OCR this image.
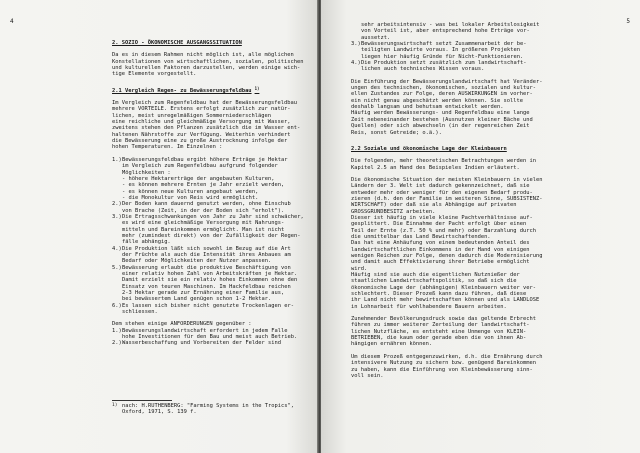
4

2. SOZIO - ÖKONOMISCHE AUSGANGSSITUATION

Da es in diesem Rahmen nicht möglich ist, alle möglichen
Konstellationen von wirtschaftlichen, sozialen, politischen
und kulturellen Faktoren darzustellen, werden einige wich-
tige Elemente vorgestellt.

2.1 Vergleich Regen- zu Bewässerungsfeldbau $^{1)}$

Im Vergleich zum Regenfeldbau hat der Bewässerungsfeldbau
mehrere VORTEILE. Erstens erfolgt zusätzlich zur natür-
lichen, meist unregelmäßigen Sommerniederschlägen
eine reichliche und gleichmäßige Versorgung mit Wasser,
zweitens stehen den Pflanzen zusätzlich die im Wasser ent-
haltenen Nährstoffe zur Verfügung. Weiterhin verhindert
die Bewässerung eine zu große Austrocknung infolge der
hohen Temperaturen. Im Einzelnen :
1.) Bewässerungsfeldbau ergibt höhere Erträge je Hektar
im Vergleich zum Regenfeldbau aufgrund folgender
Möglichkeiten :
- höhere Hektarerträge der angebauten Kulturen,
- es können mehrere Ernten je Jahr erzielt werden,
- es können neue Kulturen angebaut werden,
- die Monokultur von Reis wird ermöglicht.
2.) Der Boden kann dauernd genutzt werden, ohne Einschub
von Brache (Zeit, in der der Boden sich "erholt").
3.) Die Ertragsschwankungen von Jahr zu Jahr sind schwächer,
es wird eine gleichmäßige Versorgung mit Nahrungs-
mitteln und Bareinkommen ermöglicht. Man ist nicht
mehr (zumindest direkt) von der Zufälligkeit der Regen-
fälle abhängig.
4.) Die Produktion läßt sich sowohl im Bezug auf die Art
der Früchte als auch die Intensität ihres Anbaues am
Bedarf oder Möglichkeiten der Nutzer anpassen.
5.) Bewässerung erlaubt die produktive Beschäftigung von
einer relativ hohen Zahl von Arbeitskräften je Hektar.
Damit erzielt sie ein relativ hohes Einkommen ohne den
Einsatz von teuren Maschinen. Im Hackfeldbau reichen
2-3 Hektar gerade zur Ernährung einer Familie aus,
bei bewässertem Land genügen schon 1-2 Hektar.
6.) Es lassen sich bisher nicht genutzte Trockenlagen er-
schliessen.

Dem stehen einige ANFORDERUNGEN gegenüber :

1.) Bewässerungslandwirtschaft erfordert in jedem Falle
hohe Investitionen für den Bau und meist auch Betrieb.
2.) Wasserbeschaffung und Vorbereiten der Felder sind
1) nach: H.RUTHENBERG: "Farming Systems in the Tropics",
Oxford, 1971, S. 139 f.
5
sehr arbeitsintensiv - was bei lokaler Arbeitslosigkeit
von Vorteil ist, aber entsprechend hohe Erträge vor-
aussetzt.
3.) Bewässerungswirtschaft setzt Zusammenarbeit der be-
teiligten Landwirte voraus. In größeren Projekten
liegen hier häufig Gründe für Nicht-Funktionieren.
4.) Die Produktion setzt zusätzlich zum landwirtschaft-
lichen auch technisches Wissen voraus.
Die Einführung der Bewässerungslandwirtschaft hat Veränder-
ungen des technischen, ökonomischen, sozialen und kultur-
ellen Zustandes zur Folge, deren AUSWIRKUNGEN im vorher-
ein nicht genau abgeschätzt werden können. Sie sollte
deshalb langsam und behutsam entwickelt werden.
Häufig werden Bewässerungs- und Regenfeldbau eine lange
Zeit nebeneinander bestehen (Ausnutzen kleiner Bäche und
Quellen) oder sich abwechseln (in der regenreichen Zeit
Reis, sonst Getreide; o.ä.).

2.2 Soziale und ökonomische Lage der Kleinbauern

Die folgenden, mehr theoretischen Betrachtungen werden in
Kapitel 2.5 an Hand des Beispieles Indien erläutert.
Die ökonomische Situation der meisten Kleinbauern in vielen
Ländern der 3. Welt ist dadurch gekennzeichnet, daß sie
entweder mehr oder weniger für den eigenen Bedarf produ-
zieren (d.h. den der Familie im weiteren Sinne, SUBSISTENZ-
WIRTSCHAFT) oder daß sie als Abhängige auf privaten
GROSSGRUNDBESITZ arbeiten.
Dieser ist häufig in viele kleine Pachtverhältnisse auf-
gesplittert. Die Einnahme der Pacht erfolgt über einen
Teil der Ernte (z.T. 50 % und mehr) oder Barzahlung durch
die unmittelbar das Land Bewirtschaftenden.
Das hat eine Anhäufung von einem bedeutenden Anteil des
landwirtschaftlichen Einkommens in der Hand von einigen
wenigen Reichen zur Folge, denen dadurch die Modernisierung
und damit auch Effektivierung ihrer Betriebe ermöglicht
wird.
Häufig sind sie auch die eigentlichen Nutznießer der
staatlichen Landwirtschaftspolitik, so daß sich die
ökonomische Lage der (abhängigen) Kleinbauern weiter ver-
schlechtert. Dieser Prozeß kann dazu führen, daß diese
ihr Land nicht mehr bewirtschaften können und als LANDLOSE
in Lohnarbeit für wohlhabendere Bauern arbeiten.
Zunehmender Bevölkerungsdruck sowie das geltende Erbrecht
führen zu immer weiterer Zerteilung der landwirtschaft-
lichen Nutzfläche, es entsteht eine Unmenge von KLEIN-
BETRIEBEN, die kaum oder gerade eben die von ihnen Ab-
hängigen ernähren können.
Um diesem Prozeß entgegenzuwirken, d.h. die Ernährung durch
intensivere Nutzung zu sichern bzw. genügend Bareinkommen
zu haben, kann die Einführung von Kleinbewässerung sinn-
voll sein.
